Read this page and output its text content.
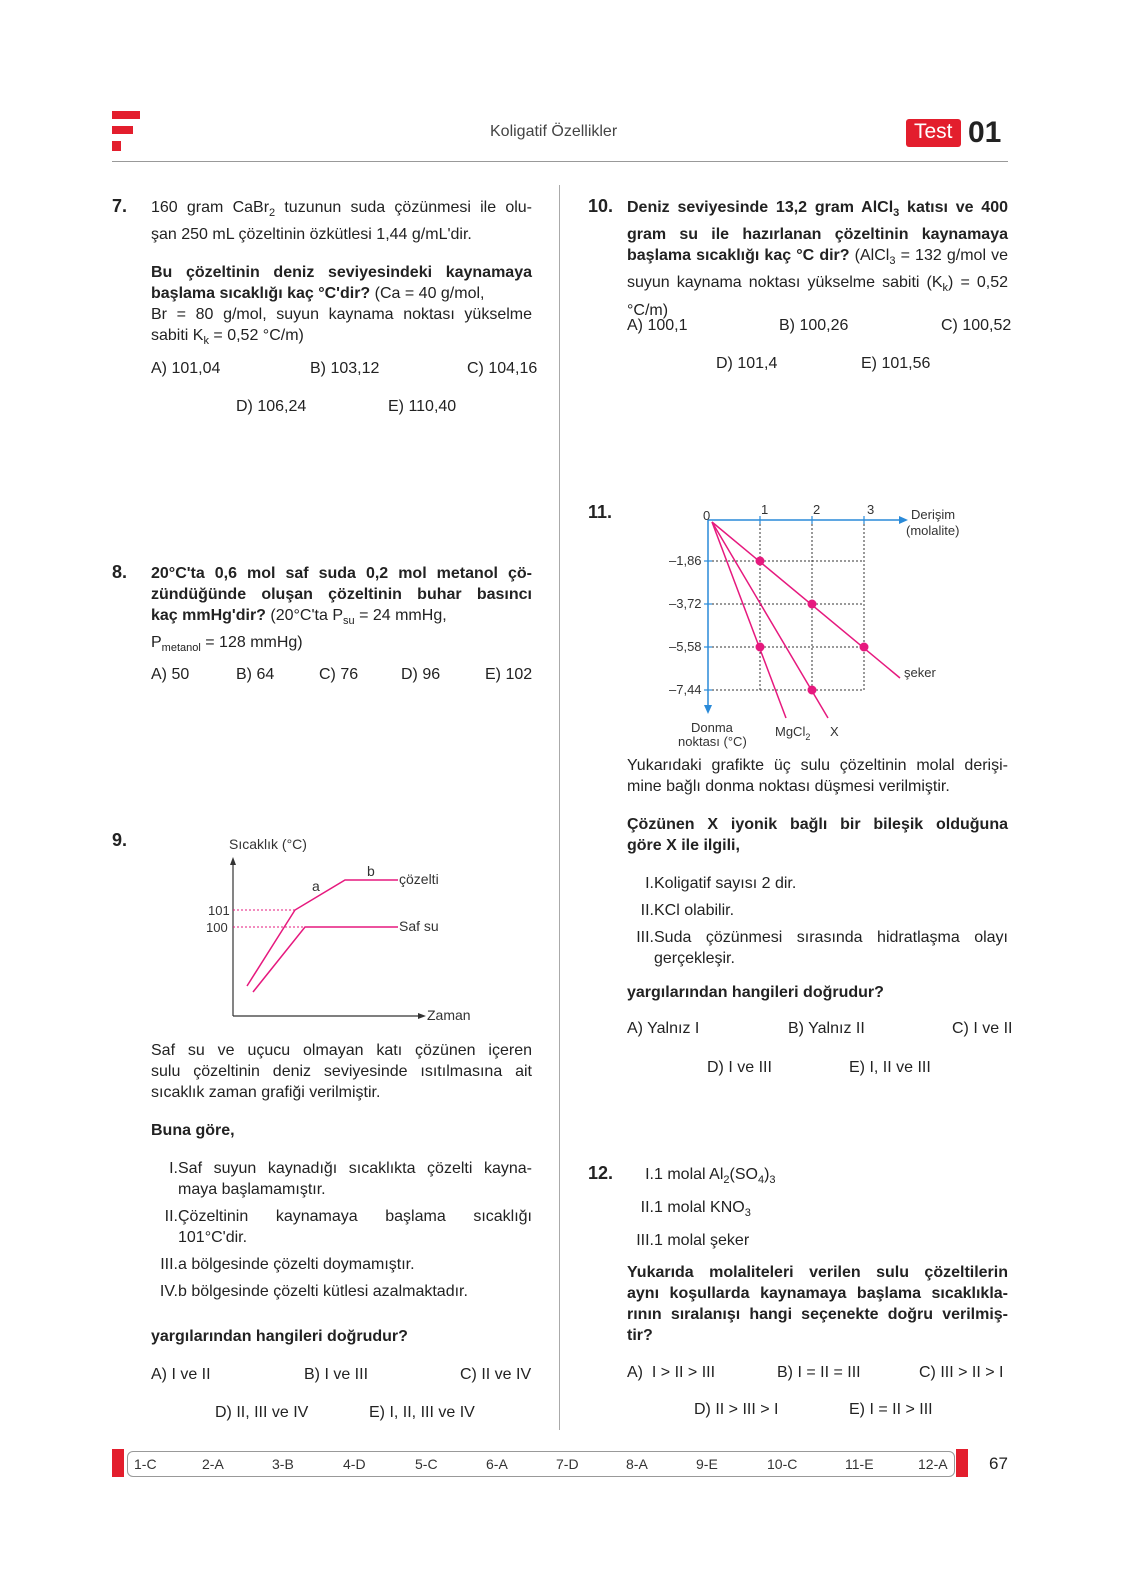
Koligatif Özellikler	Test 01
7. 160 gram CaBr$_2$ tuzunun suda çözünmesi ile olu-
şan 250 mL çözeltinin özkütlesi 1,44 g/mL'dir.
Bu çözeltinin deniz seviyesindeki kaynamaya
başlama sıcaklığı kaç °C'dir? (Ca = 40 g/mol,
Br = 80 g/mol, suyun kaynama noktası yükselme
sabiti $K_k = 0,52$ °C/m)
A) 101,04	B) 103,12	C) 104,16
D) 106,24	E) 110,40
8. 20°C'ta 0,6 mol saf suda 0,2 mol metanol çö-
zündüğünde oluşan çözeltinin buhar basıncı
kaç mmHg'dir? (20°C'ta $P_{su} = 24$ mmHg,
$P_{metanol} = 128$ mmHg)
A) 50	B) 64	C) 76	D) 96	E) 102
9.	Sıcaklık (°C)
Zaman
101
100
a
b çözelti
Saf su
Saf su ve uçucu olmayan katı çözünen içeren
sulu çözeltinin deniz seviyesinde ısıtılmasına ait
sıcaklık zaman grafiği verilmiştir.
Buna göre,
I. Saf suyun kaynadığı sıcaklıkta çözelti kayna-
maya başlamamıştır.
II. Çözeltinin kaynamaya başlama sıcaklığı
101°C'dir.
III. a bölgesinde çözelti doymamıştır.
IV. b bölgesinde çözelti kütlesi azalmaktadır.
yargılarından hangileri doğrudur?
A) I ve II	B) I ve III	C) II ve IV
D) II, III ve IV	E) I, II, III ve IV
10. Deniz seviyesinde 13,2 gram AlCl$_3$ katısı ve 400
gram su ile hazırlanan çözeltinin kaynamaya
başlama sıcaklığı kaç °C dir? (AlCl$_3$ = 132 g/mol ve
suyun kaynama noktası yükselme sabiti $(K_k) = 0,52$
°C/m)
A) 100,1	B) 100,26	C) 100,52
D) 101,4	E) 101,56
11.	0	1	2	3	Derişim
(molalite)
–1,86
–3,72
–5,58
–7,44
Donma
noktası (°C)
şeker
MgCl$_2$ X
Yukarıdaki grafikte üç sulu çözeltinin molal derişi-
mine bağlı donma noktası düşmesi verilmiştir.
Çözünen X iyonik bağlı bir bileşik olduğuna
göre X ile ilgili,
I. Koligatif sayısı 2 dir.
II. KCl olabilir.
III. Suda çözünmesi sırasında hidratlaşma olayı
gerçekleşir.
yargılarından hangileri doğrudur?
A) Yalnız I	B) Yalnız II	C) I ve II
D) I ve III	E) I, II ve III
12.	I. 1 molal $Al_2(SO_4)_3$
II. 1 molal $KNO_3$
III. 1 molal şeker
Yukarıda molaliteleri verilen sulu çözeltilerin
aynı koşullarda kaynamaya başlama sıcaklıkla-
rının sıralanışı hangi seçenekte doğru verilmiş-
tir?
A)  I > II > III	B) I = II = III	C) III > II > I
D) II > III > I	E) I = II > III
1-C	2-A	3-B	4-D	5-C	6-A	7-D	8-A	9-E	10-C	11-E	12-A 67
